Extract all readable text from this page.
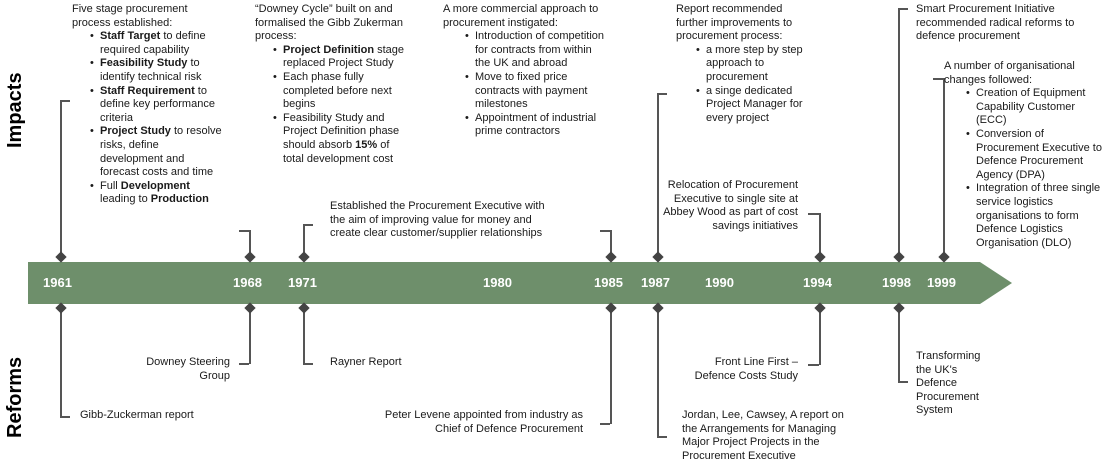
Impacts
Reforms
1961	1968 1971	1980	1985 1987	1990	1994	1998 1999
Five stage procurement process established:
• Staff Target to define required capability
• Feasibility Study to identify technical risk
• Staff Requirement to define key performance criteria
• Project Study to resolve risks, define development and forecast costs and time
• Full Development leading to Production
“Downey Cycle” built on and formalised the Gibb Zukerman process:
• Project Definition stage replaced Project Study
• Each phase fully completed before next begins
• Feasibility Study and Project Definition phase should absorb 15% of total development cost
Established the Procurement Executive with the aim of improving value for money and create clear customer/supplier relationships
A more commercial approach to procurement instigated:
• Introduction of competition for contracts from within the UK and abroad
• Move to fixed price contracts with payment milestones
• Appointment of industrial prime contractors
Report recommended further improvements to procurement process:
• a more step by step approach to procurement
• a singe dedicated Project Manager for every project
Relocation of Procurement Executive to single site at Abbey Wood as part of cost savings initiatives
Smart Procurement Initiative recommended radical reforms to defence procurement
A number of organisational changes followed:
• Creation of Equipment Capability Customer (ECC)
• Conversion of Procurement Executive to Defence Procurement Agency (DPA)
• Integration of three single service logistics organisations to form Defence Logistics Organisation (DLO)
Gibb-Zuckerman report
Downey Steering Group
Rayner Report
Peter Levene appointed from industry as Chief of Defence Procurement
Jordan, Lee, Cawsey, A report on the Arrangements for Managing Major Project Projects in the Procurement Executive
Front Line First – Defence Costs Study
Transforming the UK's Defence Procurement System
